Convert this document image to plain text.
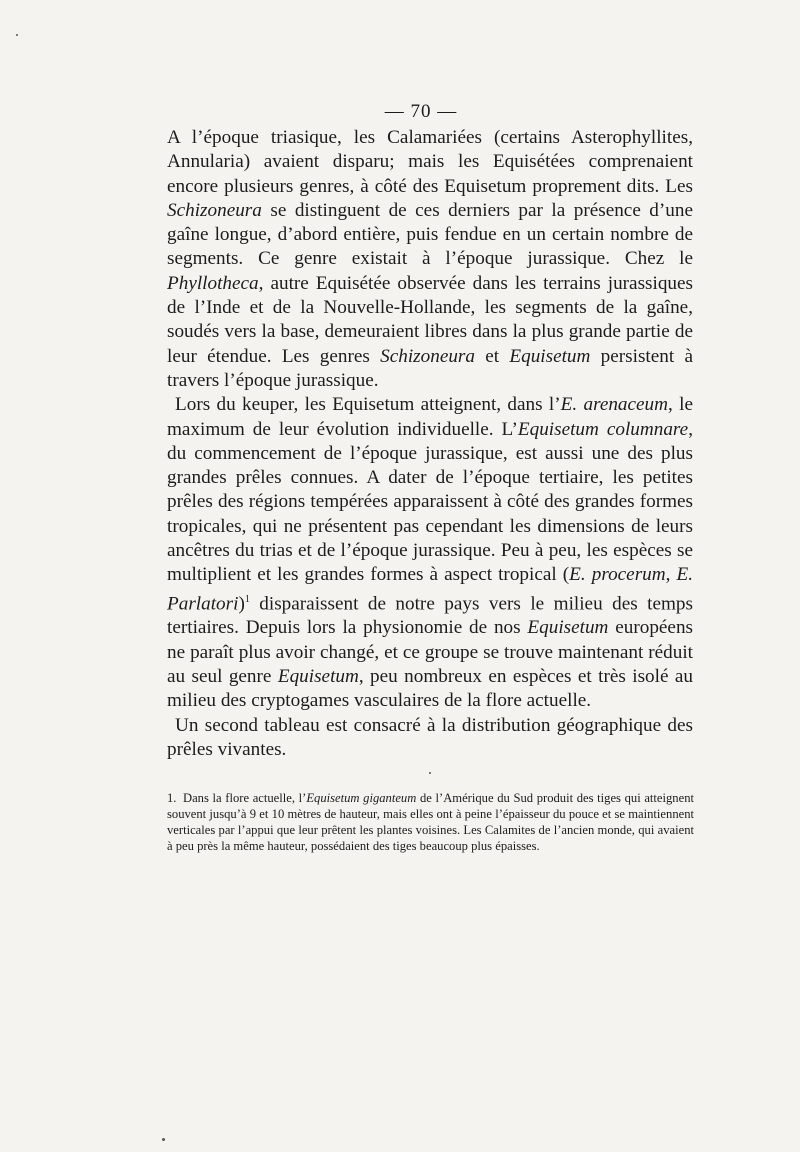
— 70 —

A l’époque triasique, les Calamariées (certains Asterophyllites, Annularia) avaient disparu; mais les Equisétées comprenaient encore plusieurs genres, à côté des Equisetum proprement dits. Les Schizoneura se distinguent de ces derniers par la présence d’une gaîne longue, d’abord entière, puis fendue en un certain nombre de segments. Ce genre existait à l’époque jurassique. Chez le Phyllotheca, autre Equisétée observée dans les terrains jurassiques de l’Inde et de la Nouvelle-Hollande, les segments de la gaîne, soudés vers la base, demeuraient libres dans la plus grande partie de leur étendue. Les genres Schizoneura et Equisetum persistent à travers l’époque jurassique.

Lors du keuper, les Equisetum atteignent, dans l’E. arenaceum, le maximum de leur évolution individuelle. L’Equisetum columnare, du commencement de l’époque jurassique, est aussi une des plus grandes prêles connues. A dater de l’époque tertiaire, les petites prêles des régions tempérées apparaissent à côté des grandes formes tropicales, qui ne présentent pas cependant les dimensions de leurs ancêtres du trias et de l’époque jurassique. Peu à peu, les espèces se multiplient et les grandes formes à aspect tropical (E. procerum, E. Parlatori)$^1$ disparaissent de notre pays vers le milieu des temps tertiaires. Depuis lors la physionomie de nos Equisetum européens ne paraît plus avoir changé, et ce groupe se trouve maintenant réduit au seul genre Equisetum, peu nombreux en espèces et très isolé au milieu des cryptogames vasculaires de la flore actuelle.

Un second tableau est consacré à la distribution géographique des prêles vivantes.

1. Dans la flore actuelle, l’Equisetum giganteum de l’Amérique du Sud produit des tiges qui atteignent souvent jusqu’à 9 et 10 mètres de hauteur, mais elles ont à peine l’épaisseur du pouce et se maintiennent verticales par l’appui que leur prêtent les plantes voisines. Les Calamites de l’ancien monde, qui avaient à peu près la même hauteur, possédaient des tiges beaucoup plus épaisses.
